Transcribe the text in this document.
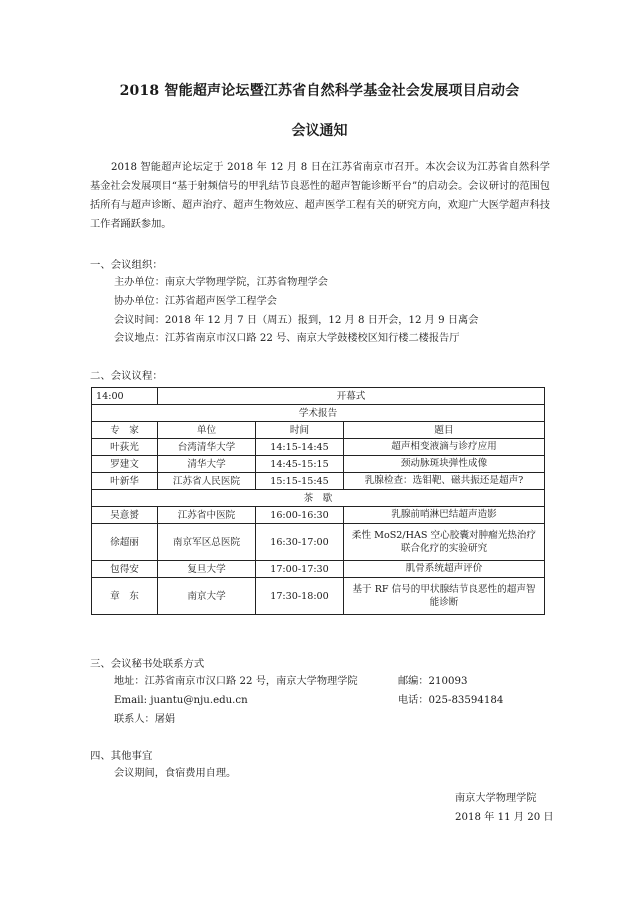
2018 智能超声论坛暨江苏省自然科学基金社会发展项目启动会
会议通知

2018 智能超声论坛定于 2018 年 12 月 8 日在江苏省南京市召开。本次会议为江苏省自然科学基金社会发展项目“基于射频信号的甲乳结节良恶性的超声智能诊断平台”的启动会。会议研讨的范围包括所有与超声诊断、超声治疗、超声生物效应、超声医学工程有关的研究方向，欢迎广大医学超声科技工作者踊跃参加。

一、会议组织：
主办单位：南京大学物理学院，江苏省物理学会
协办单位：江苏省超声医学工程学会
会议时间：2018 年 12 月 7 日（周五）报到，12 月 8 日开会，12 月 9 日离会
会议地点：江苏省南京市汉口路 22 号、南京大学鼓楼校区知行楼二楼报告厅
二、会议议程：
14:00	开幕式		
学术报告			
专　家	单位	时间	题目
叶荻光	台湾清华大学	14:15-14:45	超声相变液滴与诊疗应用
罗建文	清华大学	14:45-15:15	颈动脉斑块弹性成像
叶新华	江苏省人民医院	15:15-15:45	乳腺检查：选钼靶、磁共振还是超声?
茶　歇			
吴意赟	江苏省中医院	16:00-16:30	乳腺前哨淋巴结超声造影
徐超丽	南京军区总医院	16:30-17:00	柔性 MoS2/HAS 空心胶囊对肿瘤光热治疗联合化疗的实验研究
包得安	复旦大学	17:00-17:30	肌骨系统超声评价
章　东	南京大学	17:30-18:00	基于 RF 信号的甲状腺结节良恶性的超声智能诊断
三、会议秘书处联系方式
地址：江苏省南京市汉口路 22 号，南京大学物理学院	邮编：210093
Email: juantu@nju.edu.cn	电话：025-83594184
联系人：屠娟
四、其他事宜
会议期间，食宿费用自理。
南京大学物理学院
2018 年 11 月 20 日
